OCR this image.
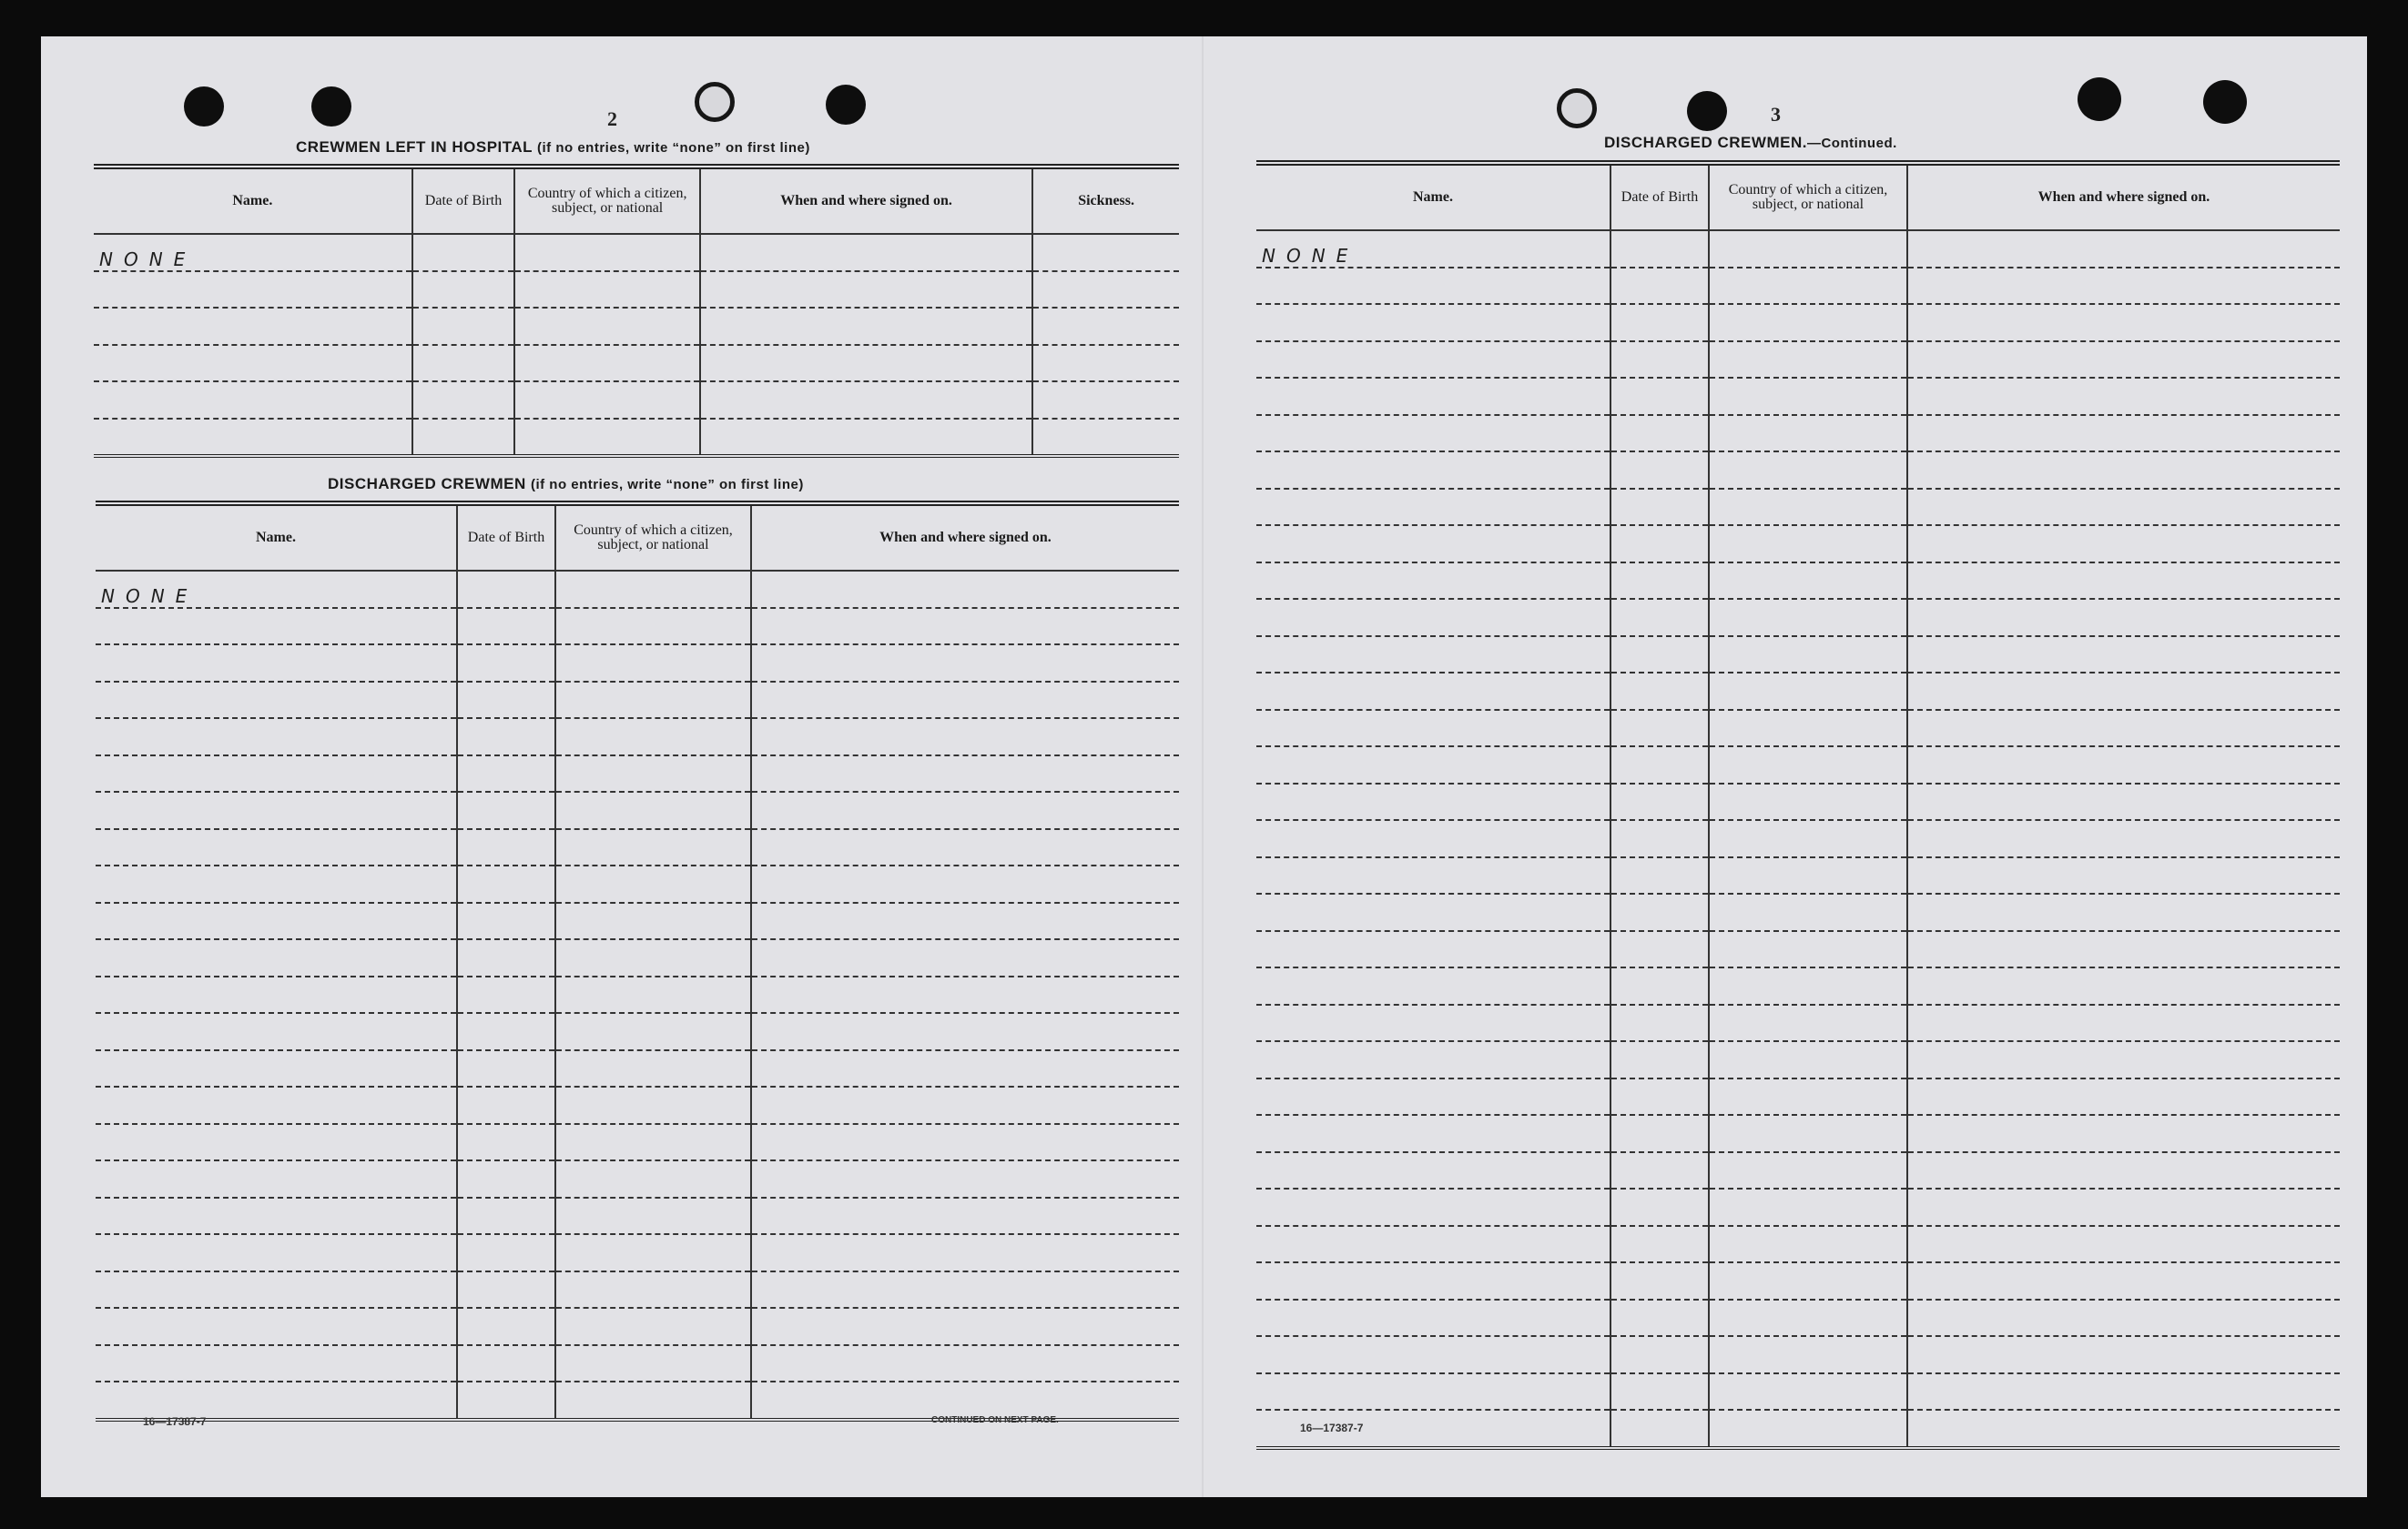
2
CREWMEN LEFT IN HOSPITAL (if no entries, write “none” on first line)
Name.	Date of Birth	Country of which a citizen, subject, or national	When and where signed on.	Sickness.
NONE				

DISCHARGED CREWMEN (if no entries, write “none” on first line)
Name.	Date of Birth	Country of which a citizen, subject, or national	When and where signed on.
NONE			

16—17387-7	CONTINUED ON NEXT PAGE.
3
DISCHARGED CREWMEN.—Continued.
Name.	Date of Birth	Country of which a citizen, subject, or national	When and where signed on.
NONE			

16—17387-7
